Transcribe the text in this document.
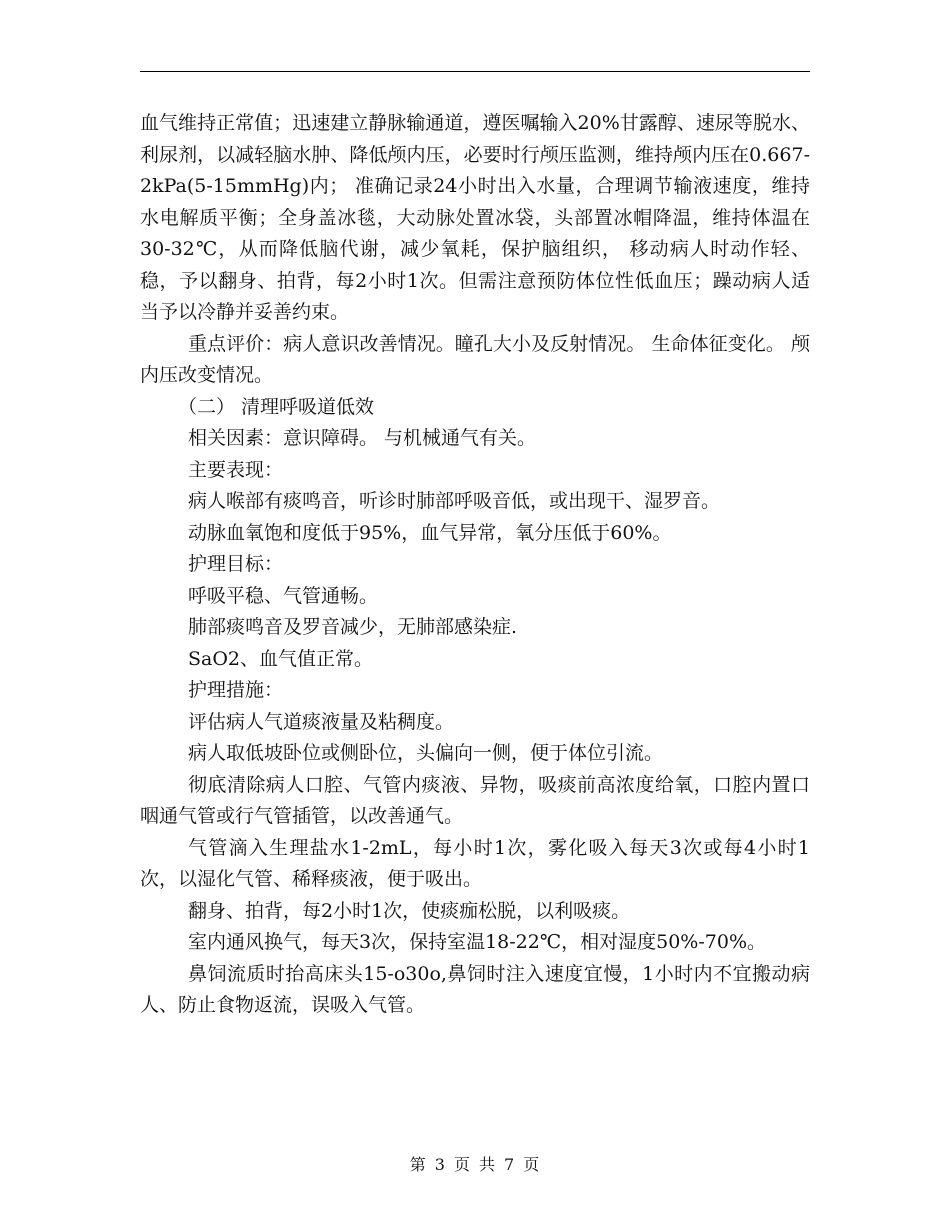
血气维持正常值；迅速建立静脉输通道，遵医嘱输入20%甘露醇、速尿等脱水、利尿剂，以减轻脑水肿、降低颅内压，必要时行颅压监测，维持颅内压在0.667-2kPa(5-15mmHg)内； 准确记录24小时出入水量，合理调节输液速度，维持水电解质平衡；全身盖冰毯，大动脉处置冰袋，头部置冰帽降温，维持体温在30-32℃，从而降低脑代谢，减少氧耗，保护脑组织， 移动病人时动作轻、稳，予以翻身、拍背，每2小时1次。但需注意预防体位性低血压；躁动病人适当予以冷静并妥善约束。

重点评价：病人意识改善情况。瞳孔大小及反射情况。 生命体征变化。 颅内压改变情况。

（二） 清理呼吸道低效

相关因素：意识障碍。 与机械通气有关。

主要表现：

病人喉部有痰鸣音，听诊时肺部呼吸音低，或出现干、湿罗音。

动脉血氧饱和度低于95%，血气异常，氧分压低于60%。

护理目标：

呼吸平稳、气管通畅。

肺部痰鸣音及罗音减少，无肺部感染症.

SaO2、血气值正常。

护理措施：

评估病人气道痰液量及粘稠度。

病人取低坡卧位或侧卧位，头偏向一侧，便于体位引流。

彻底清除病人口腔、气管内痰液、异物，吸痰前高浓度给氧，口腔内置口咽通气管或行气管插管，以改善通气。

气管滴入生理盐水1-2mL，每小时1次，雾化吸入每天3次或每4小时1次，以湿化气管、稀释痰液，便于吸出。

翻身、拍背，每2小时1次，使痰痂松脱，以利吸痰。

室内通风换气，每天3次，保持室温18-22℃，相对湿度50%-70%。

鼻饲流质时抬高床头15-o30o,鼻饲时注入速度宜慢，1小时内不宜搬动病人、防止食物返流，误吸入气管。

第 3 页 共 7 页
